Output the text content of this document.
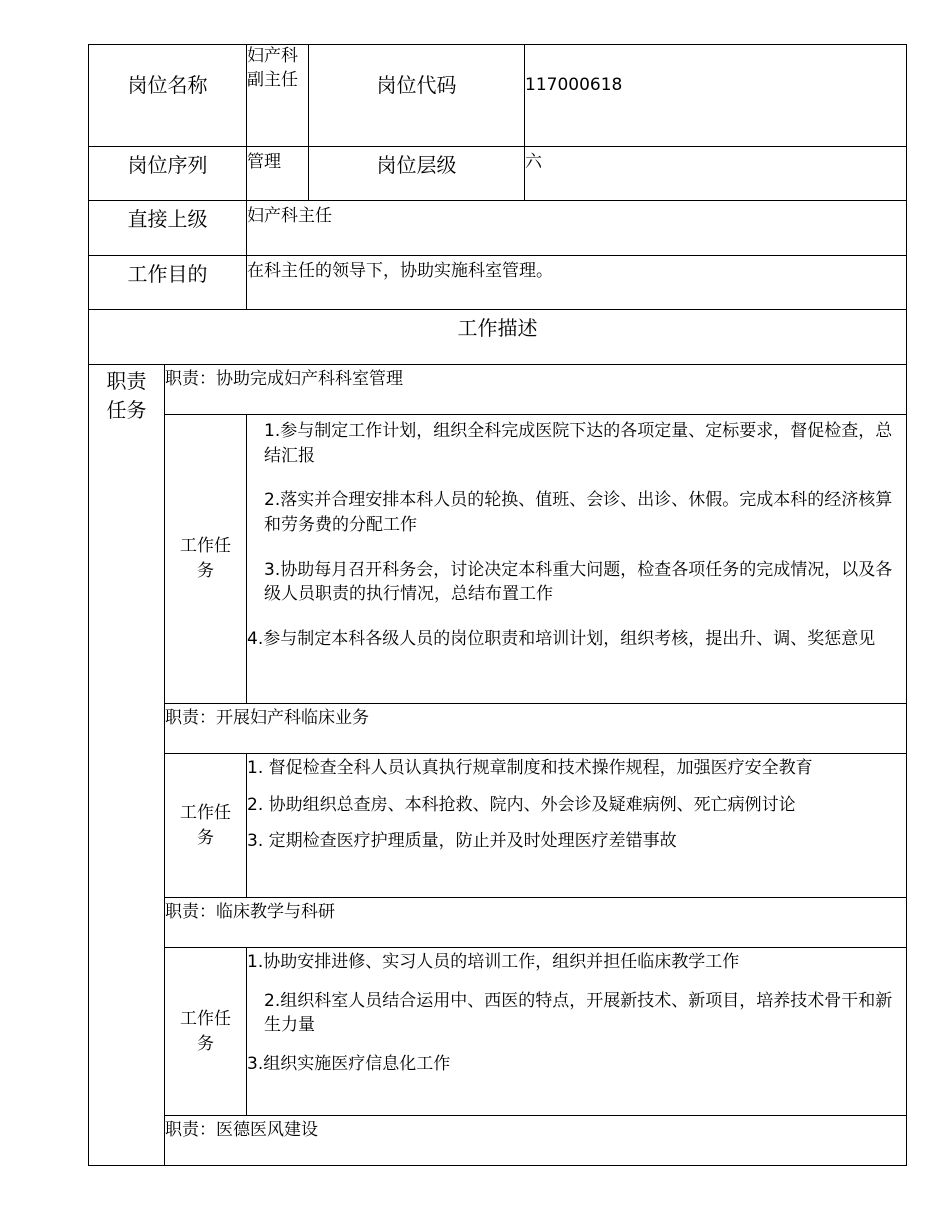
岗位名称		妇产科副主任	岗位代码	117000618
岗位序列		管理	岗位层级	六
直接上级		妇产科主任		
工作目的		在科主任的领导下，协助实施科室管理。		
工作描述				

职责任务	职责：协助完成妇产科科室管理			

	工作任务	1.参与制定工作计划，组织全科完成医院下达的各项定量、定标要求，督促检查，总结汇报

2.落实并合理安排本科人员的轮换、值班、会诊、出诊、休假。完成本科的经济核算和劳务费的分配工作

3.协助每月召开科务会，讨论决定本科重大问题，检查各项任务的完成情况，以及各级人员职责的执行情况，总结布置工作

4.参与制定本科各级人员的岗位职责和培训计划，组织考核，提出升、调、奖惩意见		

	职责：开展妇产科临床业务			

	工作任务	1. 督促检查全科人员认真执行规章制度和技术操作规程，加强医疗安全教育

2. 协助组织总查房、本科抢救、院内、外会诊及疑难病例、死亡病例讨论

3. 定期检查医疗护理质量，防止并及时处理医疗差错事故		

	职责：临床教学与科研			

	工作任务	1.协助安排进修、实习人员的培训工作，组织并担任临床教学工作

2.组织科室人员结合运用中、西医的特点，开展新技术、新项目，培养技术骨干和新生力量

3.组织实施医疗信息化工作		

	职责：医德医风建设			
